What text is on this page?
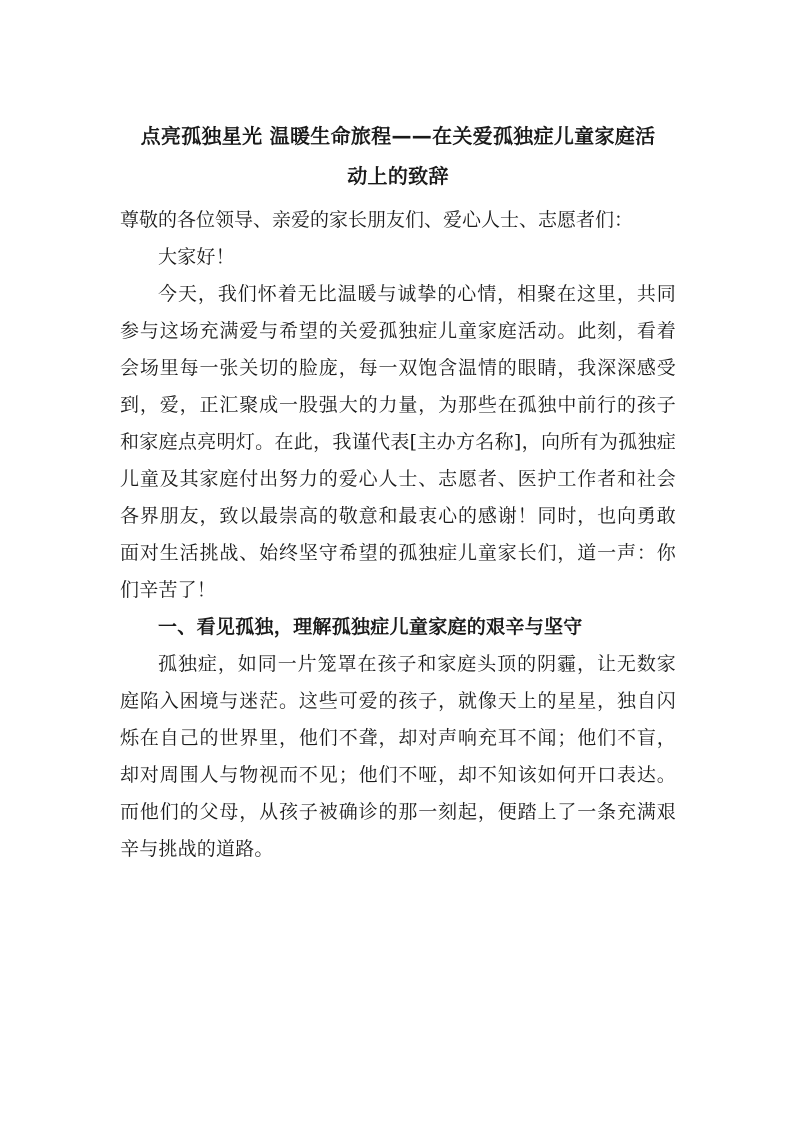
点亮孤独星光 温暖生命旅程——在关爱孤独症儿童家庭活
动上的致辞

尊敬的各位领导、亲爱的家长朋友们、爱心人士、志愿者们：

大家好！

今天，我们怀着无比温暖与诚挚的心情，相聚在这里，共同参与这场充满爱与希望的关爱孤独症儿童家庭活动。此刻，看着会场里每一张关切的脸庞，每一双饱含温情的眼睛，我深深感受到，爱，正汇聚成一股强大的力量，为那些在孤独中前行的孩子和家庭点亮明灯。在此，我谨代表[主办方名称]，向所有为孤独症儿童及其家庭付出努力的爱心人士、志愿者、医护工作者和社会各界朋友，致以最崇高的敬意和最衷心的感谢！同时，也向勇敢面对生活挑战、始终坚守希望的孤独症儿童家长们，道一声：你们辛苦了！

一、看见孤独，理解孤独症儿童家庭的艰辛与坚守

孤独症，如同一片笼罩在孩子和家庭头顶的阴霾，让无数家庭陷入困境与迷茫。这些可爱的孩子，就像天上的星星，独自闪烁在自己的世界里，他们不聋，却对声响充耳不闻；他们不盲，却对周围人与物视而不见；他们不哑，却不知该如何开口表达。而他们的父母，从孩子被确诊的那一刻起，便踏上了一条充满艰辛与挑战的道路。
